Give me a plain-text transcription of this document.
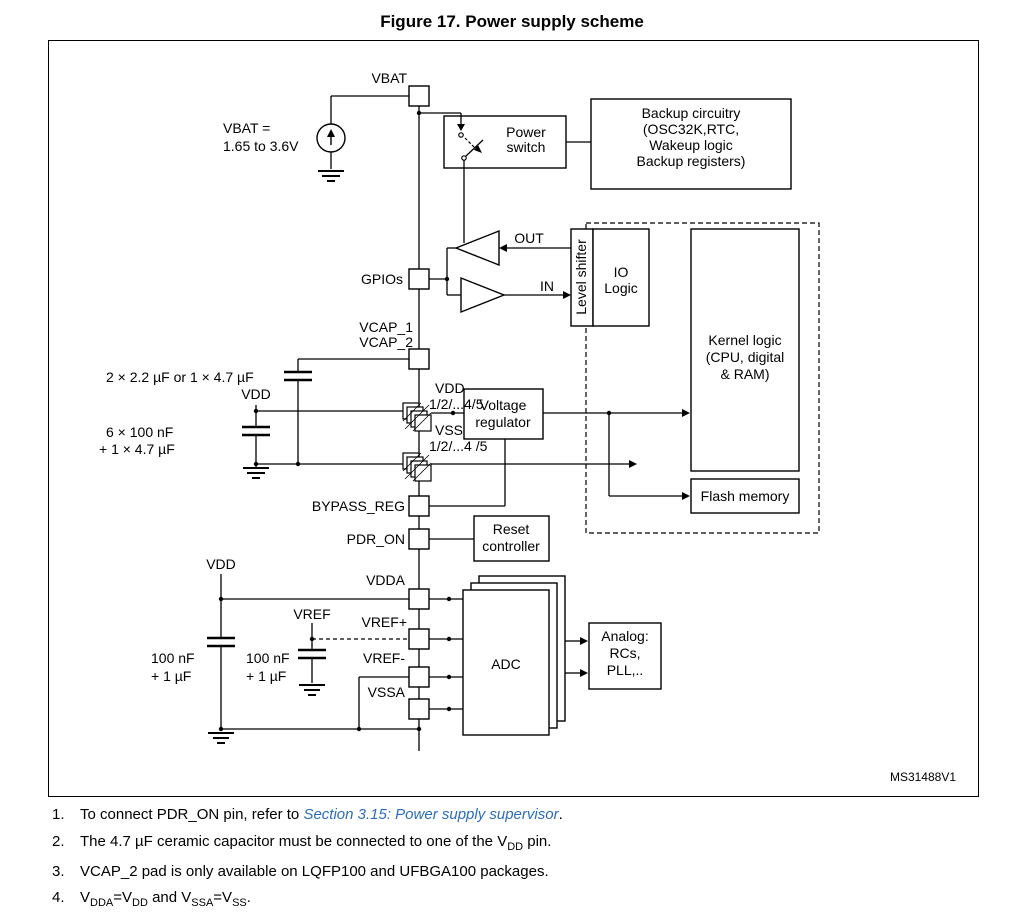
Figure 17. Power supply scheme
VBAT
VBAT =
1.65 to 3.6V
Power
switch
Backup circuitry
(OSC32K,RTC,
Wakeup logic
Backup registers)
GPIOs
OUT
IN Level shifter IO
Logic
Kernel logic
(CPU, digital
& RAM)
VCAP_1
VCAP_2
2 × 2.2 µF or 1 × 4.7 µF
VDD
6 × 100 nF
+ 1 × 4.7 µF
VDD
1/2/...4/5
VSS
1/2/...4 /5
Voltage
regulator
Flash memory
BYPASS_REG
PDR_ON
Reset
controller
VDD
VDDA
VREF VREF+
VREF-
VSSA
100 nF
+ 1 µF
100 nF
+ 1 µF
ADC
Analog:
RCs,
PLL,..
MS31488V1
1.	To connect PDR_ON pin, refer to Section 3.15: Power supply supervisor.
2.	The 4.7 µF ceramic capacitor must be connected to one of the $V_{DD}$ pin.
3.	VCAP_2 pad is only available on LQFP100 and UFBGA100 packages.
4.	$V_{DDA}=V_{DD}$ and $V_{SSA}=V_{SS}$.
